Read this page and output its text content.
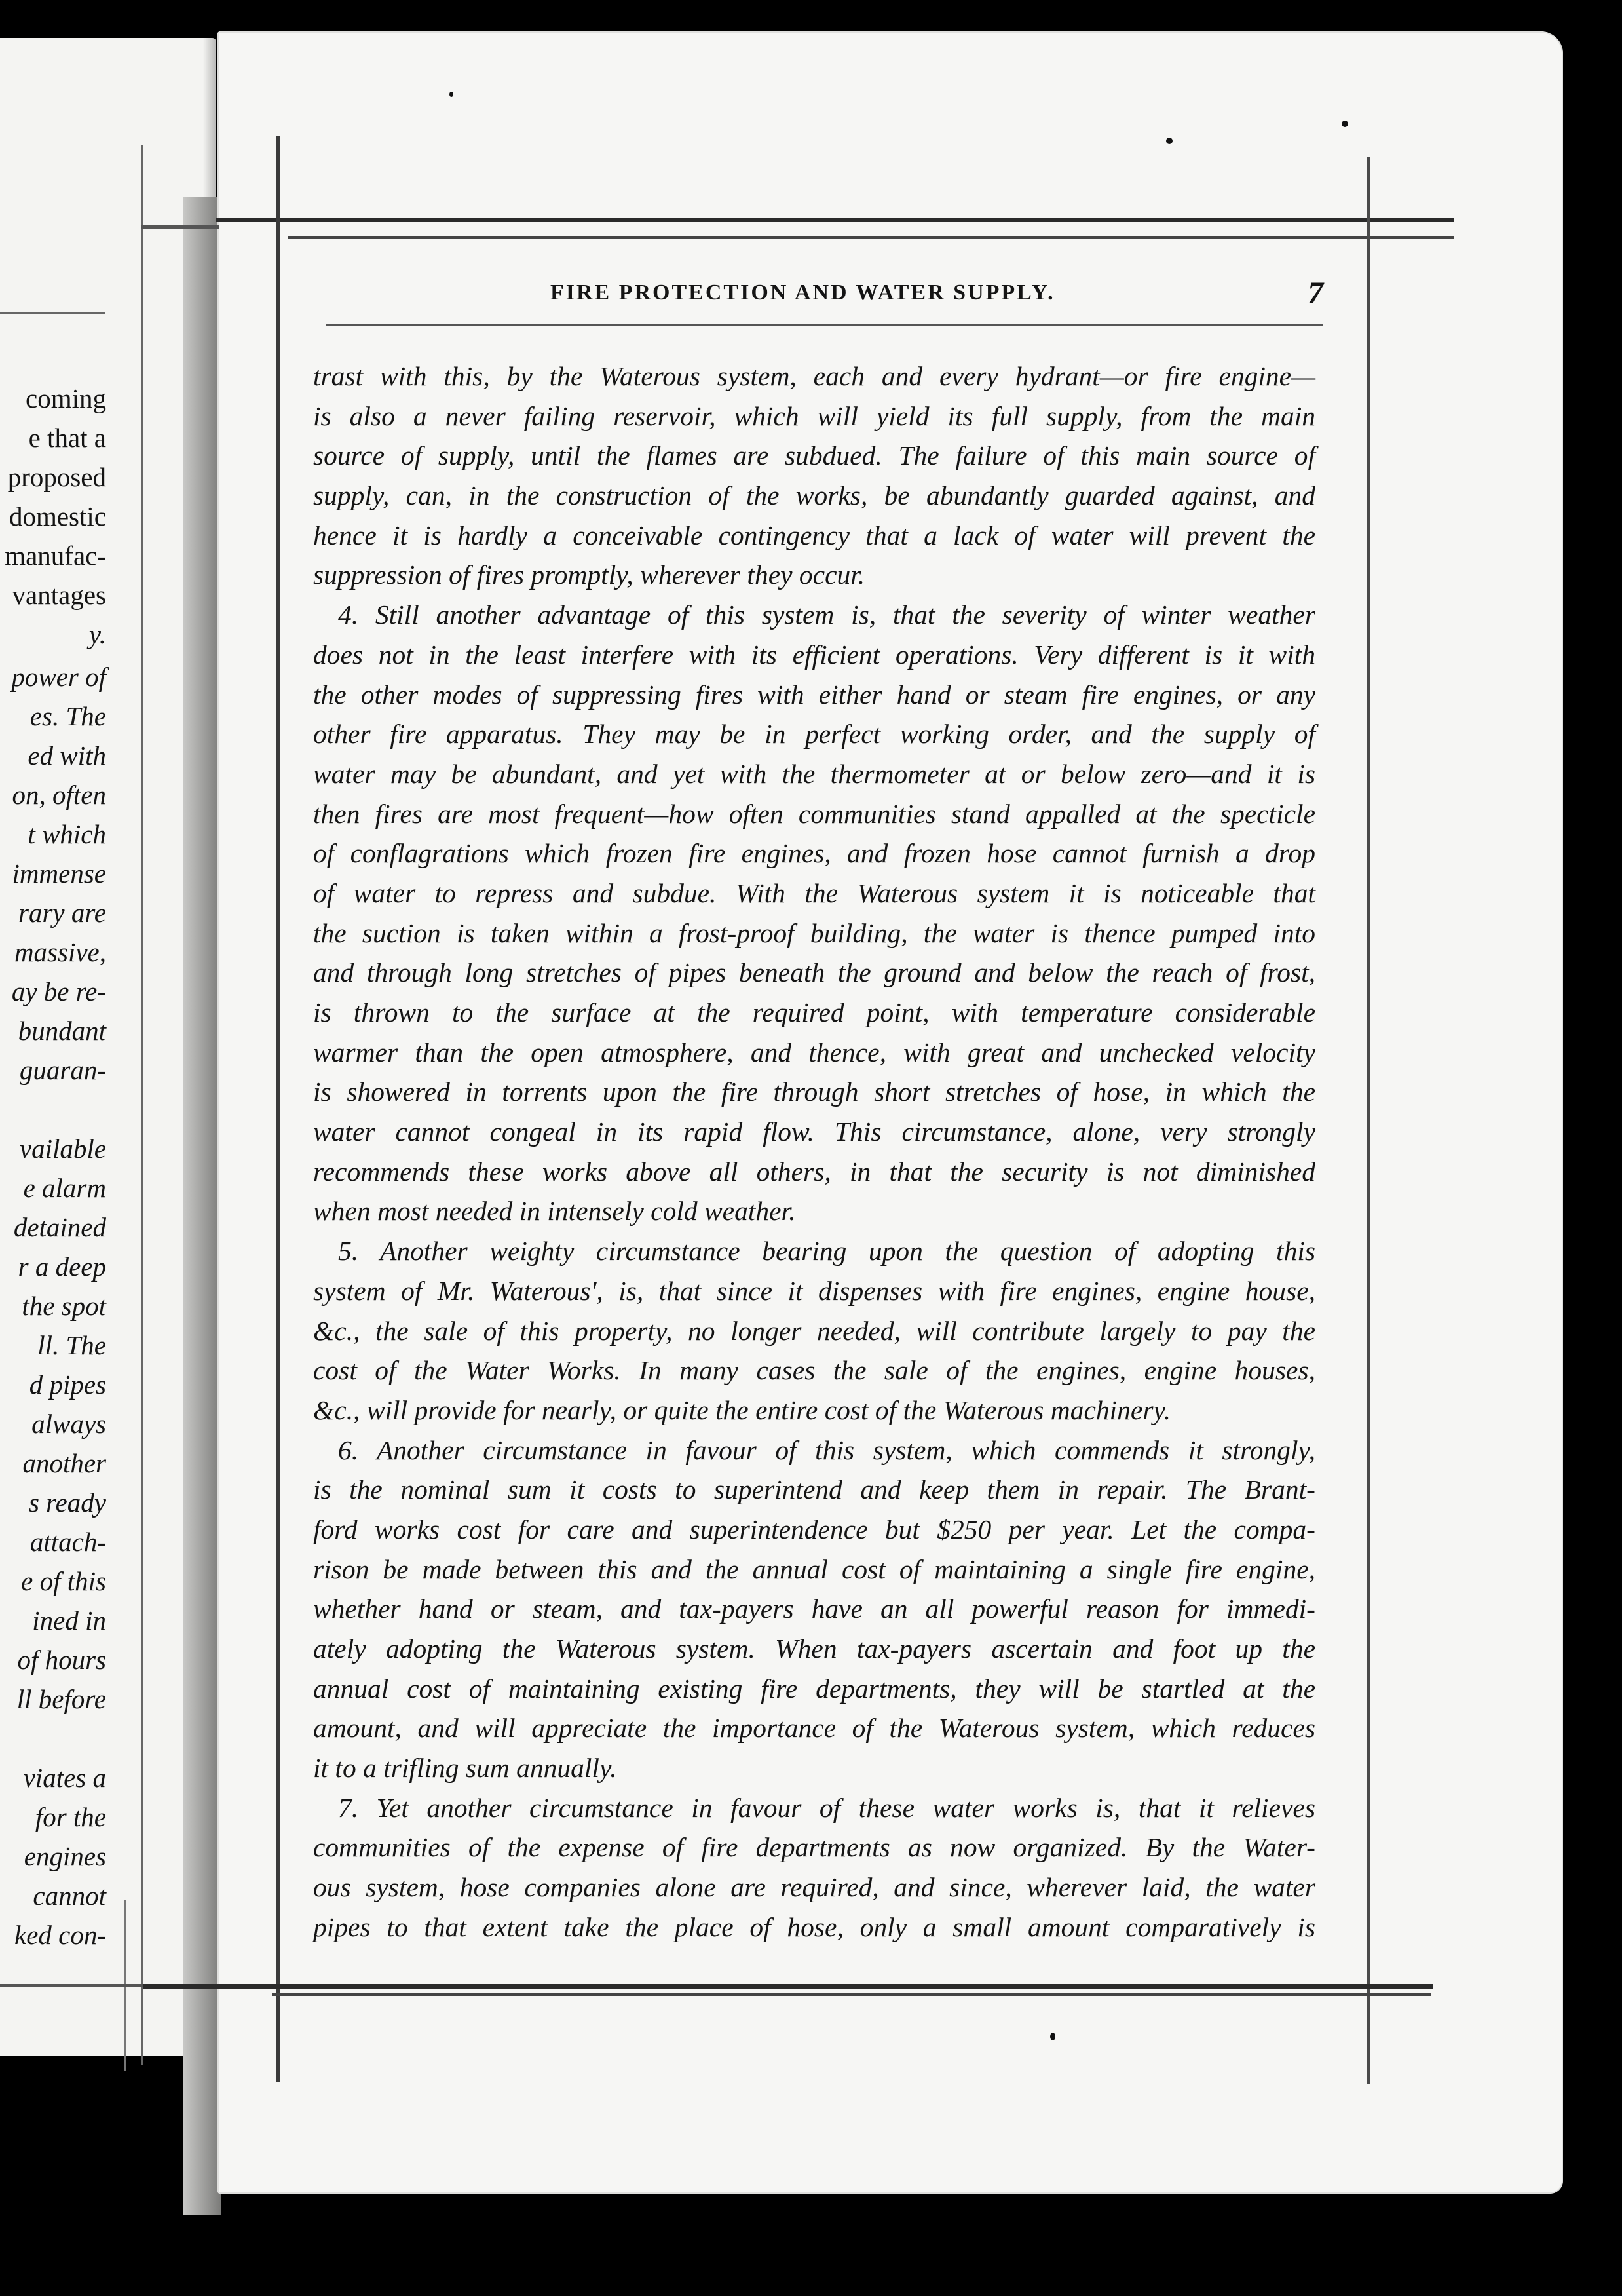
coming
e that a
proposed
domestic
manufac-
vantages
y.
power of
es. The
ed with
on, often
t which
immense
rary are
massive,
ay be re-
bundant
guaran-
vailable
e alarm
detained
r a deep
the spot
ll. The
d pipes
always
another
s ready
attach-
e of this
ined in
of hours
ll before
viates a
for the
engines
cannot
ked con-
FIRE PROTECTION AND WATER SUPPLY.	7
trast with this, by the Waterous system, each and every hydrant—or fire engine—
is also a never failing reservoir, which will yield its full supply, from the main
source of supply, until the flames are subdued. The failure of this main source of
supply, can, in the construction of the works, be abundantly guarded against, and
hence it is hardly a conceivable contingency that a lack of water will prevent the
suppression of fires promptly, wherever they occur.
4. Still another advantage of this system is, that the severity of winter weather
does not in the least interfere with its efficient operations. Very different is it with
the other modes of suppressing fires with either hand or steam fire engines, or any
other fire apparatus. They may be in perfect working order, and the supply of
water may be abundant, and yet with the thermometer at or below zero—and it is
then fires are most frequent—how often communities stand appalled at the specticle
of conflagrations which frozen fire engines, and frozen hose cannot furnish a drop
of water to repress and subdue. With the Waterous system it is noticeable that
the suction is taken within a frost-proof building, the water is thence pumped into
and through long stretches of pipes beneath the ground and below the reach of frost,
is thrown to the surface at the required point, with temperature considerable
warmer than the open atmosphere, and thence, with great and unchecked velocity
is showered in torrents upon the fire through short stretches of hose, in which the
water cannot congeal in its rapid flow. This circumstance, alone, very strongly
recommends these works above all others, in that the security is not diminished
when most needed in intensely cold weather.
5. Another weighty circumstance bearing upon the question of adopting this
system of Mr. Waterous', is, that since it dispenses with fire engines, engine house,
&c., the sale of this property, no longer needed, will contribute largely to pay the
cost of the Water Works. In many cases the sale of the engines, engine houses,
&c., will provide for nearly, or quite the entire cost of the Waterous machinery.
6. Another circumstance in favour of this system, which commends it strongly,
is the nominal sum it costs to superintend and keep them in repair. The Brant-
ford works cost for care and superintendence but $250 per year. Let the compa-
rison be made between this and the annual cost of maintaining a single fire engine,
whether hand or steam, and tax-payers have an all powerful reason for immedi-
ately adopting the Waterous system. When tax-payers ascertain and foot up the
annual cost of maintaining existing fire departments, they will be startled at the
amount, and will appreciate the importance of the Waterous system, which reduces
it to a trifling sum annually.
7. Yet another circumstance in favour of these water works is, that it relieves
communities of the expense of fire departments as now organized. By the Water-
ous system, hose companies alone are required, and since, wherever laid, the water
pipes to that extent take the place of hose, only a small amount comparatively is
